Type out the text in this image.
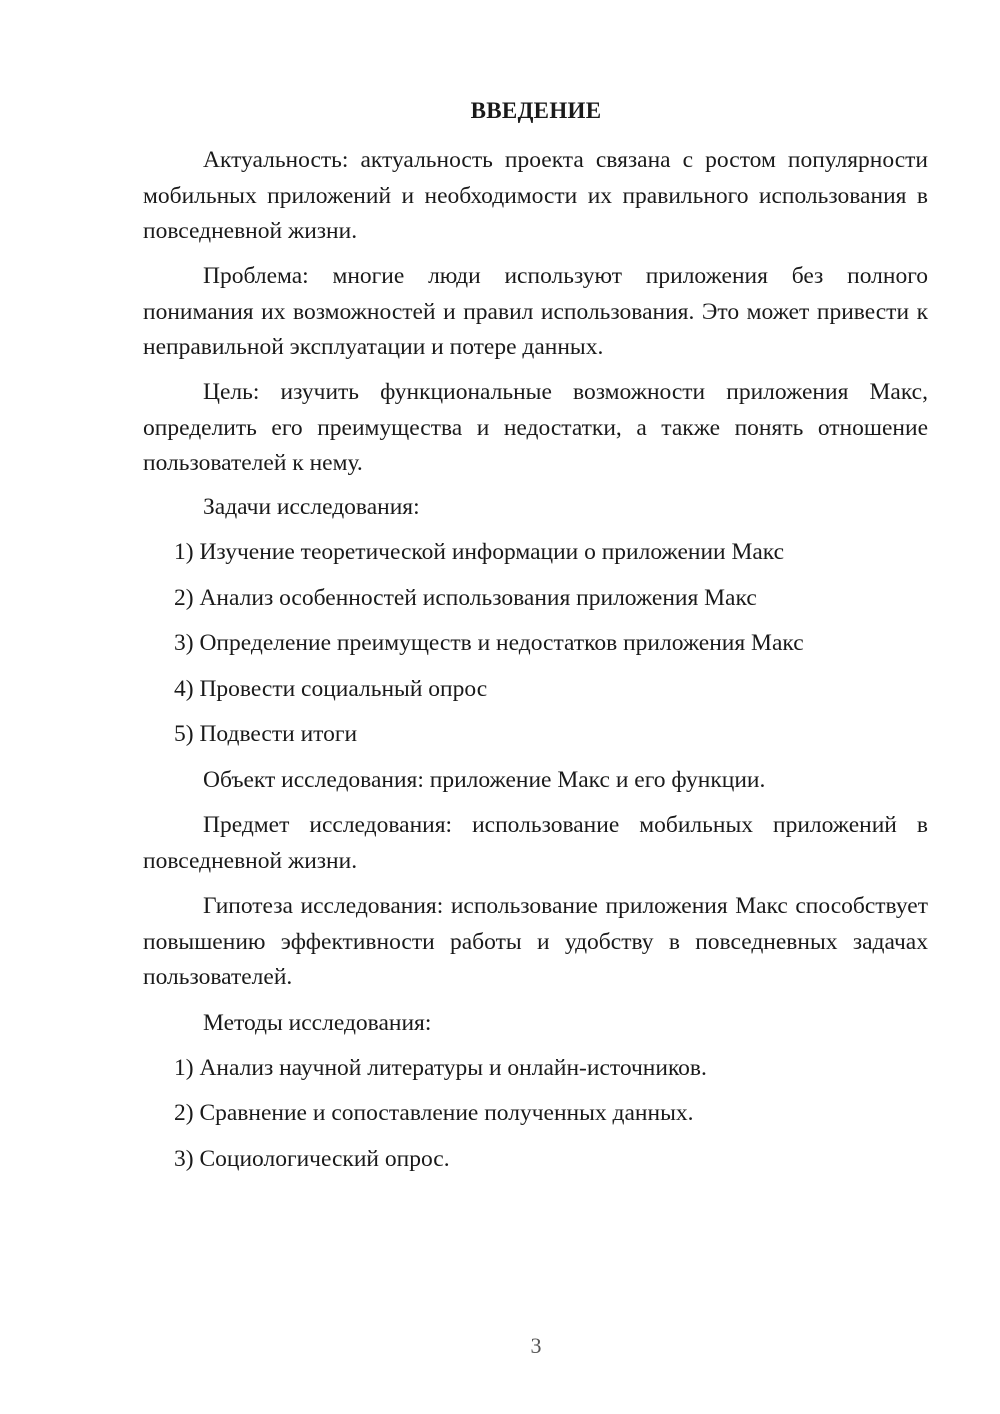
ВВЕДЕНИЕ

Актуальность: актуальность проекта связана с ростом популярности мобильных приложений и необходимости их правильного использования в повседневной жизни.

Проблема: многие люди используют приложения без полного понимания их возможностей и правил использования. Это может привести к неправильной эксплуатации и потере данных.

Цель: изучить функциональные возможности приложения Макс, определить его преимущества и недостатки, а также понять отношение пользователей к нему.

Задачи исследования:

1) Изучение теоретической информации о приложении Макс

2) Анализ особенностей использования приложения Макс

3) Определение преимуществ и недостатков приложения Макс

4) Провести социальный опрос

5) Подвести итоги

Объект исследования: приложение Макс и его функции.

Предмет исследования: использование мобильных приложений в повседневной жизни.

Гипотеза исследования: использование приложения Макс способствует повышению эффективности работы и удобству в повседневных задачах пользователей.

Методы исследования:

1) Анализ научной литературы и онлайн-источников.

2) Сравнение и сопоставление полученных данных.

3) Социологический опрос.

3
